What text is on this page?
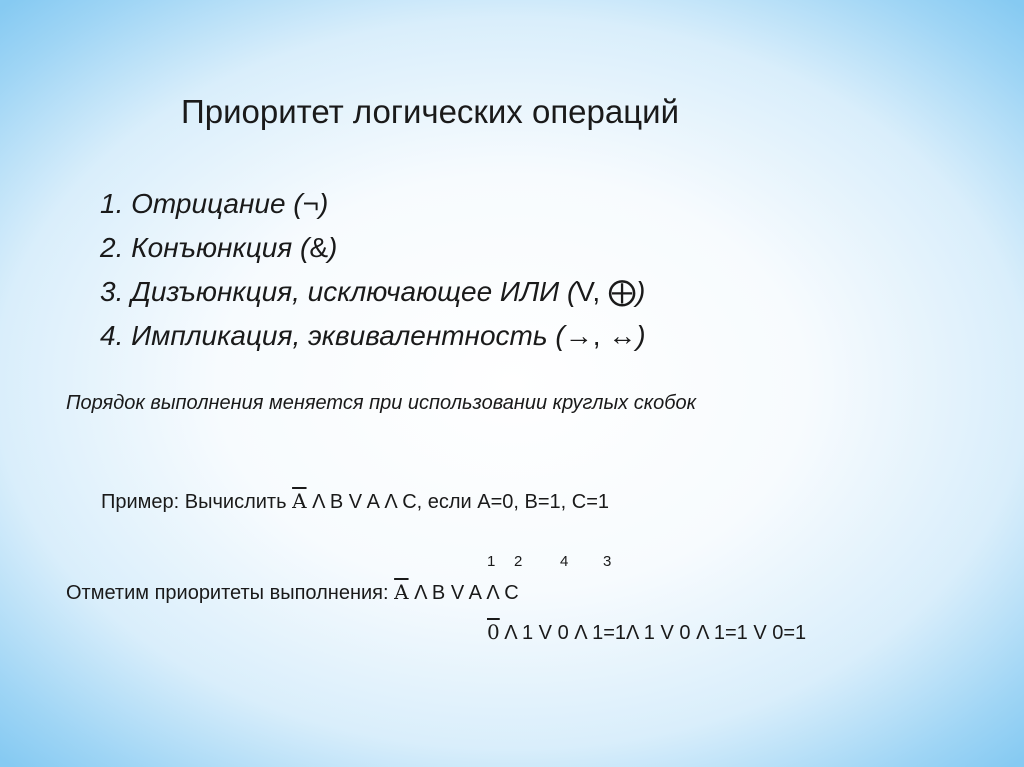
Приоритет логических операций
1. Отрицание (¬)
2. Конъюнкция (&)
3. Дизъюнкция, исключающее ИЛИ (V, ⨁)
4. Импликация, эквивалентность (→, ↔)
Порядок выполнения меняется при использовании круглых скобок
Пример: Вычислить $\overline{A}$ Λ B V A Λ C, если A=0, B=1, C=1
1 2	4 3
Отметим приоритеты выполнения: $\overline{A}$ Λ B V A Λ C
0 Λ 1 V 0 Λ 1=1Λ 1 V 0 Λ 1=1 V 0=1
